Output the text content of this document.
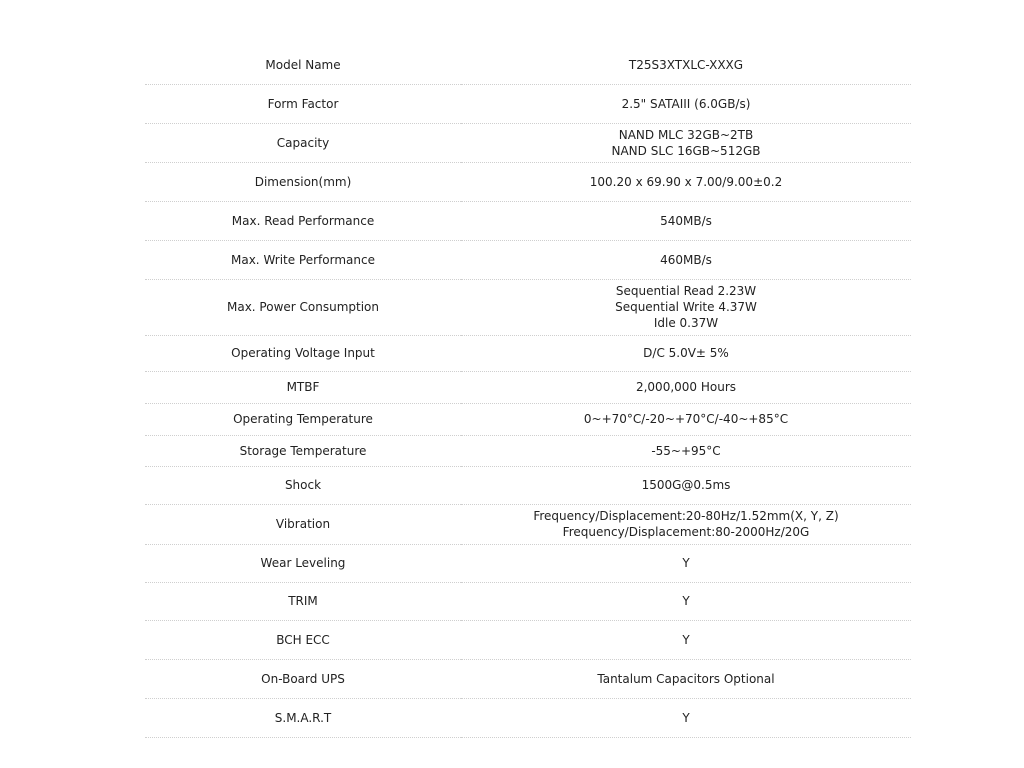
Model Name	T25S3XTXLC-XXXG

Form Factor	2.5" SATAIII (6.0GB/s)

Capacity	NAND MLC 32GB~2TB
NAND SLC 16GB~512GB

Dimension(mm)	100.20 x 69.90 x 7.00/9.00±0.2

Max. Read Performance	540MB/s

Max. Write Performance	460MB/s

Max. Power Consumption	Sequential Read 2.23W
Sequential Write 4.37W
Idle 0.37W

Operating Voltage Input	D/C 5.0V± 5%

MTBF	2,000,000 Hours

Operating Temperature	0~+70°C/-20~+70°C/-40~+85°C

Storage Temperature	-55~+95°C

Shock	1500G@0.5ms

Vibration	Frequency/Displacement:20-80Hz/1.52mm(X, Y, Z)
Frequency/Displacement:80-2000Hz/20G

Wear Leveling	Y

TRIM	Y

BCH ECC	Y

On-Board UPS	Tantalum Capacitors Optional

S.M.A.R.T	Y
